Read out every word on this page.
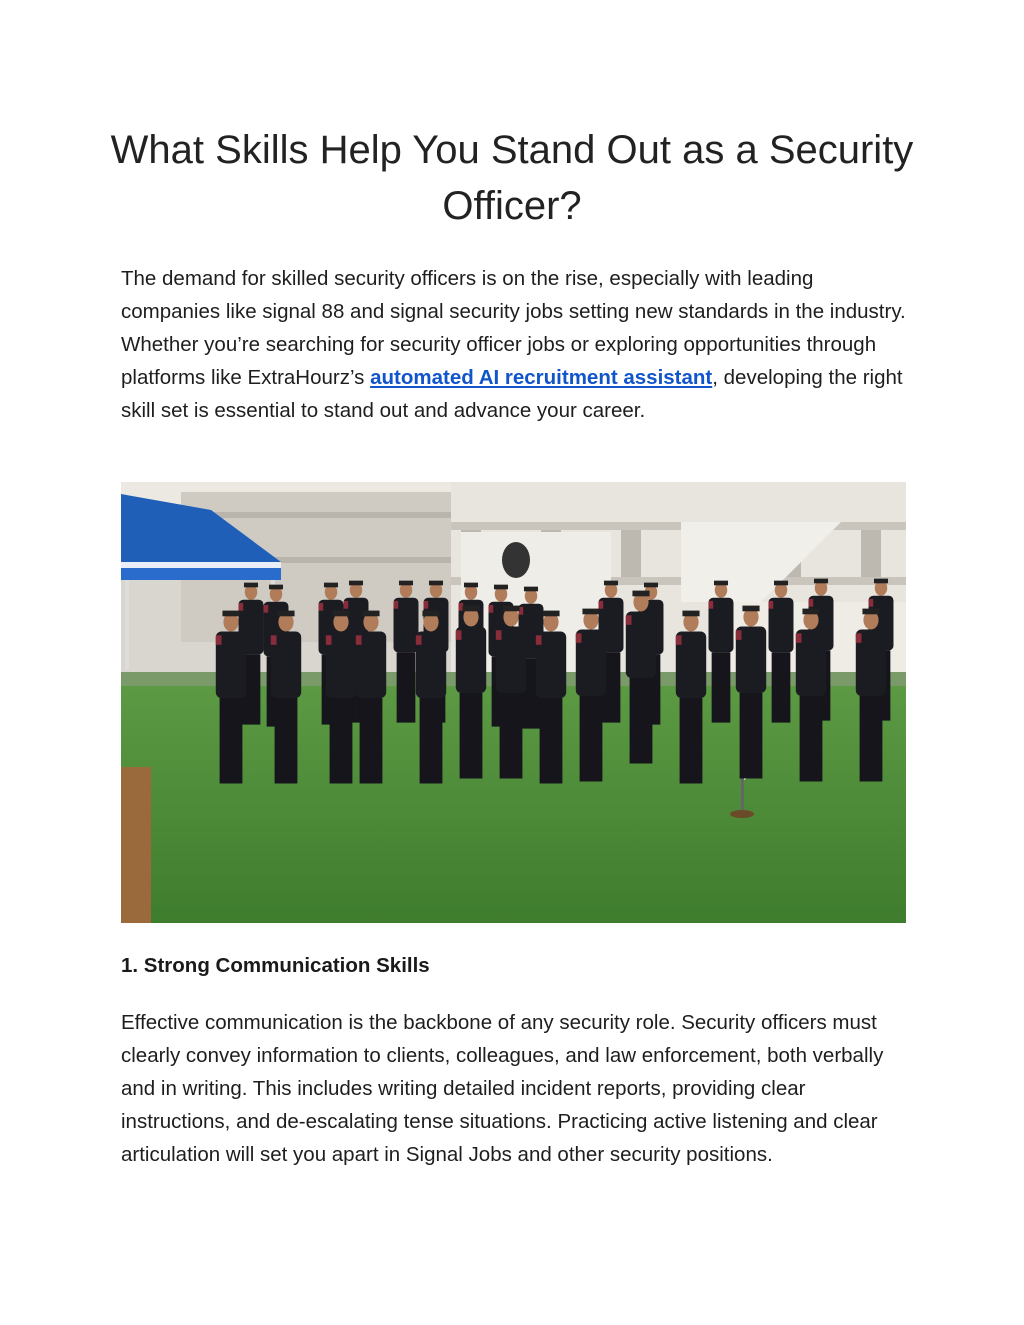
What Skills Help You Stand Out as a Security Officer?

The demand for skilled security officers is on the rise, especially with leading companies like signal 88 and signal security jobs setting new standards in the industry. Whether you’re searching for security officer jobs or exploring opportunities through platforms like ExtraHourz’s automated AI recruitment assistant, developing the right skill set is essential to stand out and advance your career.

1. Strong Communication Skills

Effective communication is the backbone of any security role. Security officers must clearly convey information to clients, colleagues, and law enforcement, both verbally and in writing. This includes writing detailed incident reports, providing clear instructions, and de-escalating tense situations. Practicing active listening and clear articulation will set you apart in Signal Jobs and other security positions.
